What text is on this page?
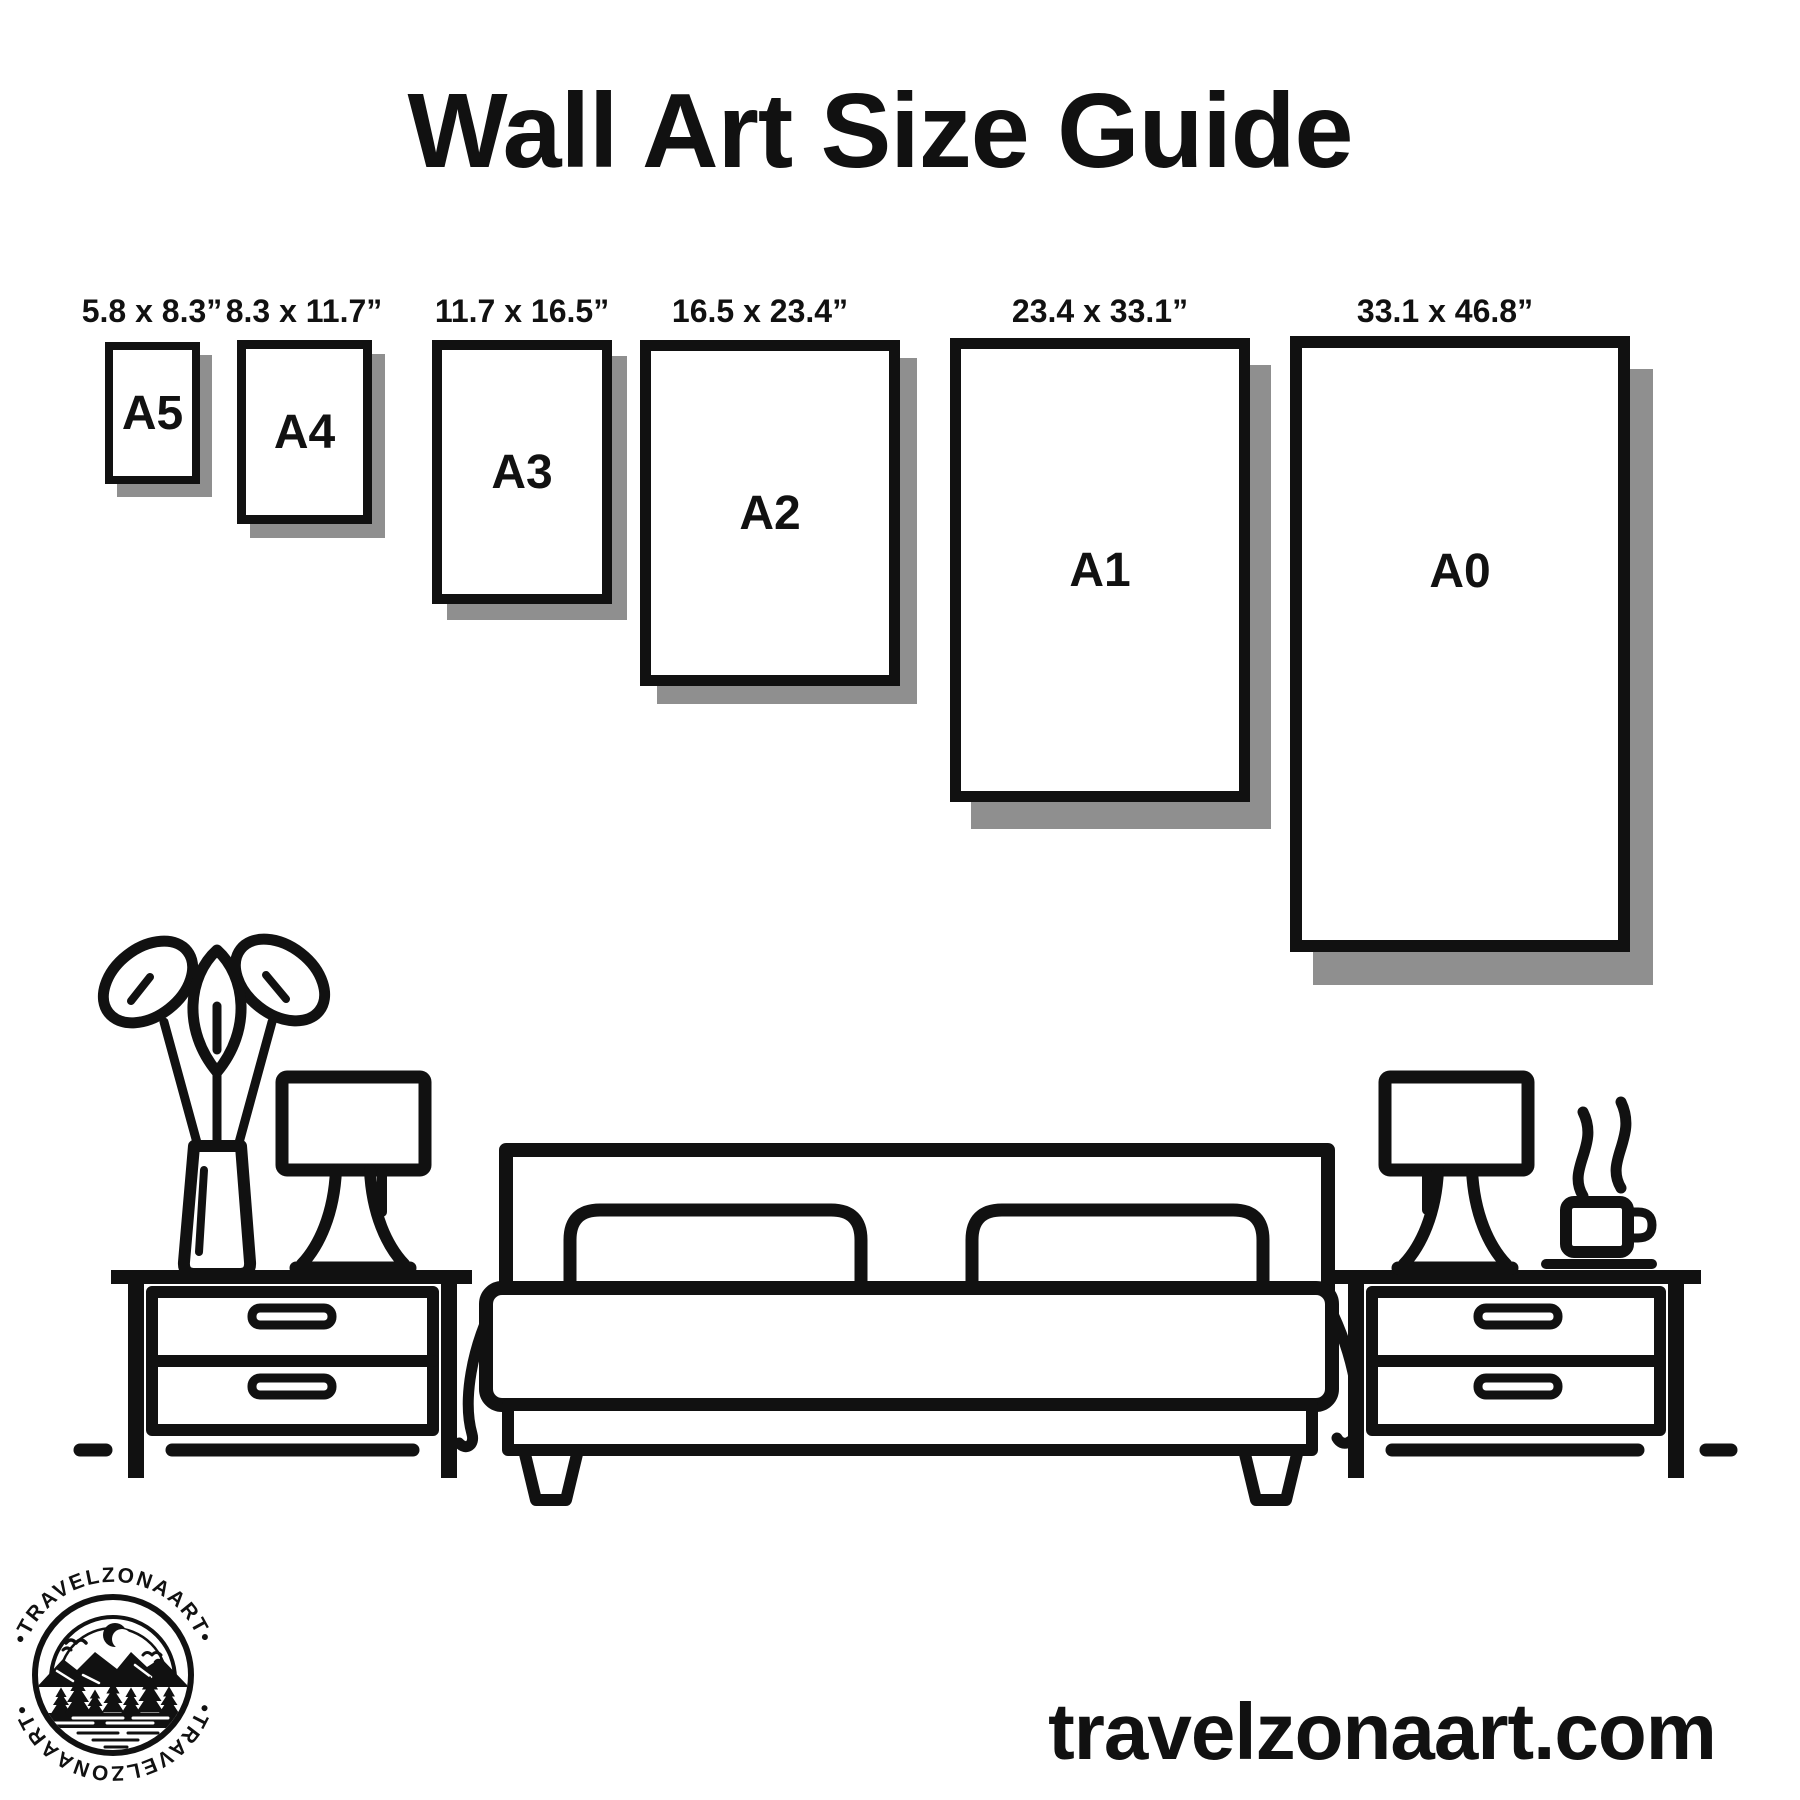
Wall Art Size Guide
5.8 x 8.3” 8.3 x 11.7”	11.7 x 16.5”	16.5 x 23.4”	23.4 x 33.1”	33.1 x 46.8”
A5 A4
A3
A2
A1	A0
•TRAVELZONAART•
•TRAVELZONAART•	travelzonaart.com
